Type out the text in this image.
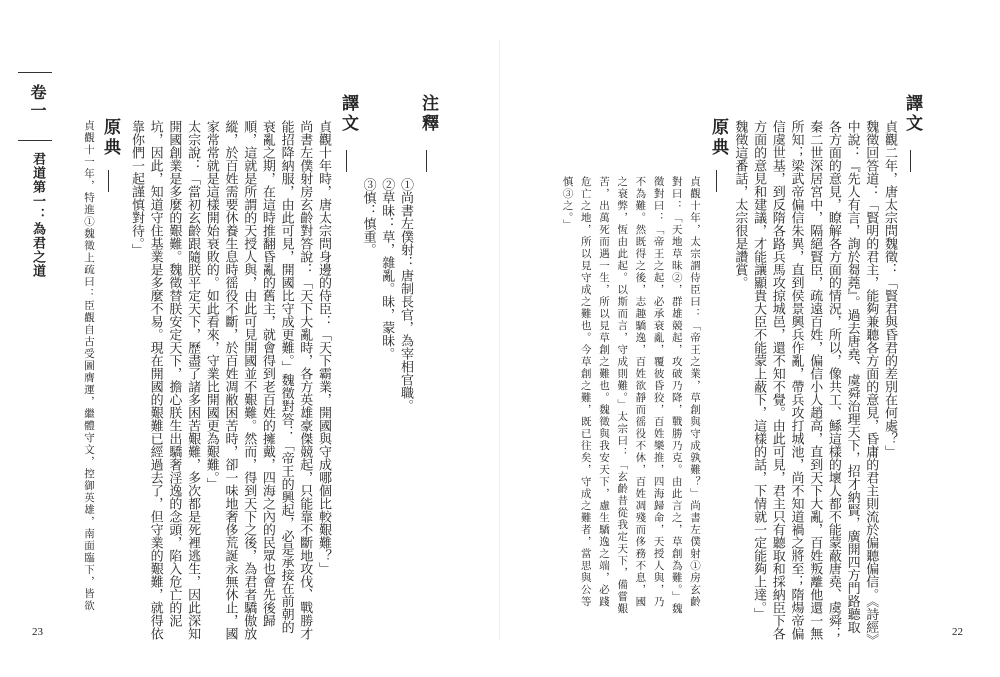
卷一
君道第一：為君之道
注釋
①尚書左僕射：唐制長官，為宰相官職。
②草昧：草，雜亂。昧，蒙昧。
③慎：慎重。
譯文
貞觀十年時，唐太宗問身邊的侍臣：「天下霸業，開國與守成哪個比較艱難？」
尚書左僕射房玄齡對答說：「天下大亂時，各方英雄豪傑競起，只能靠不斷地攻伐、戰勝才能招降納服，由此可見，開國比守成更難。」魏徵對答：「帝王的興起，必是承接在前朝的衰亂之期，在這時推翻昏亂的舊主，就會得到老百姓的擁戴，四海之內的民眾也會先後歸順，這就是所謂的天授人與，由此可見開國並不艱難。然而，得到天下之後，為君者驕傲放縱，於百姓需要休養生息時徭役不斷，於百姓凋敝困苦時，卻一味地奢侈荒誕永無休止，國家常常就是這樣開始衰敗的。如此看來，守業比開國更為艱難。」
太宗說：「當初玄齡跟隨朕平定天下，歷盡了諸多困苦艱難，多次都是死裡逃生，因此深知開國創業是多麼的艱難。魏徵替朕安定天下，擔心朕生出驕奢淫逸的念頭，陷入危亡的泥坑，因此，知道守住基業是多麼不易。現在開國的艱難已經過去了，但守業的艱難，就得依靠你們一起謹慎對待。」
原典
貞觀十一年，特進①魏徵上疏曰：臣觀自古受圖膺運，繼體守文，控御英雄，南面臨下，皆欲
23
譯文
貞觀二年，唐太宗問魏徵：「賢君與昏君的差別在何處？」
魏徵回答道：「賢明的君主，能夠兼聽各方面的意見，昏庸的君主則流於偏聽偏信。《詩經》中說：『先人有言，詢於芻蕘』。過去唐堯、虞舜治理天下，招才納賢，廣開四方門路聽取各方面的意見，瞭解各方面的情況，所以，像共工、鯀這樣的壞人都不能蒙蔽唐堯、虞舜；秦二世深居宮中，隔絕賢臣，疏遠百姓，偏信小人趙高，直到天下大亂，百姓叛離他還一無所知；梁武帝偏信朱異，直到侯景興兵作亂，帶兵攻打城池，尚不知道禍之將至；隋煬帝偏信虞世基，到反隋各路兵馬攻掠城邑，還不知不覺。由此可見，君主只有聽取和採納臣下各方面的意見和建議，才能讓顯貴大臣不能蒙上蔽下，這樣的話，下情就一定能夠上達。」
魏徵這番話，太宗很是讚賞。
原典
貞觀十年，太宗謂侍臣曰：「帝王之業，草創與守成孰難？」尚書左僕射①房玄齡對曰：「天地草昧②，群雄競起，攻破乃降，戰勝乃克。由此言之，草創為難。」魏徵對曰：「帝王之起，必承衰亂，覆彼昏狡，百姓樂推，四海歸命，天授人與，乃不為難。然既得之後，志趣驕逸，百姓欲靜而徭役不休，百姓凋殘而侈務不息，國之衰弊，恆由此起。以斯而言，守成則難。」太宗曰：「玄齡昔從我定天下，備嘗艱苦，出萬死而遇一生，所以見草創之難也。魏徵與我安天下，慮生驕逸之端，必踐危亡之地，所以見守成之難也。今草創之難，既已往矣，守成之難者，當思與公等慎③之。」
22
